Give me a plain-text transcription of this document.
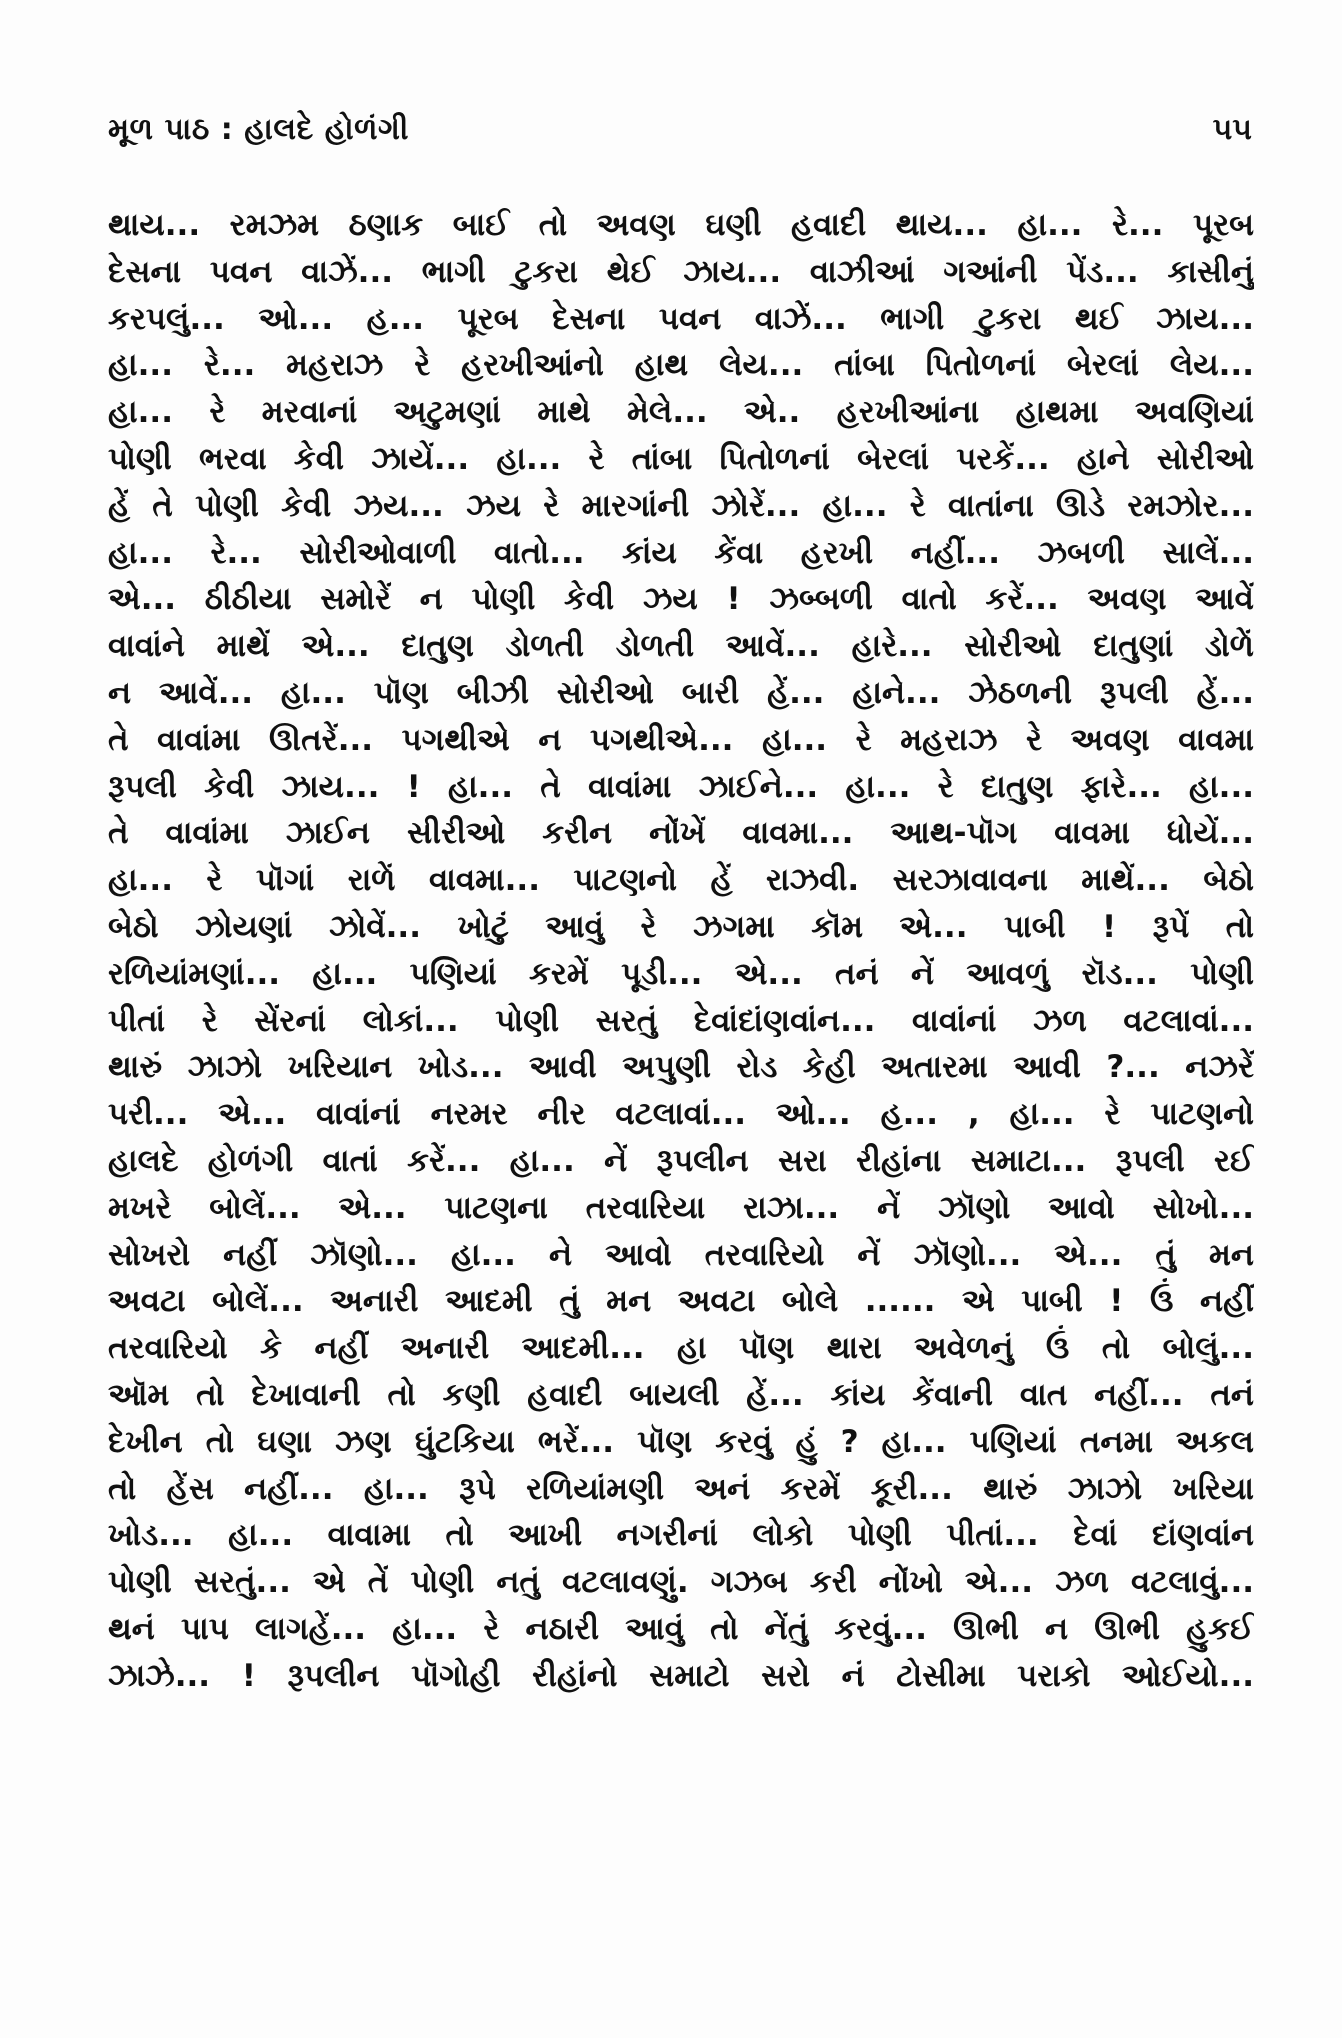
મૂળ પાઠ : હાલદે હોળંગી	૫૫
થાય... રમઝમ ઠણાક બાઈ તો અવણ ઘણી હવાદી થાય... હા... રે... પૂરબ
દેસના પવન વાઝેં... ભાગી ટુકરા થેઈ ઝાય... વાઝીઆં ગઆંની પેંડ... કાસીનું
કરપલું... ઓ... હ... પૂરબ દેસના પવન વાઝેં... ભાગી ટુકરા થઈ ઝાય...
હા... રે... મહરાઝ રે હરખીઆંનો હાથ લેય... તાંબા પિતોળનાં બેરલાં લેય...
હા... રે મરવાનાં અટુમણાં માથે મેલે... એ.. હરખીઆંના હાથમા અવણિયાં
પોણી ભરવા કેવી ઝાયેં... હા... રે તાંબા પિતોળનાં બેરલાં પરકેં... હાને સોરીઓ
હેં તે પોણી કેવી ઝય... ઝય રે મારગાંની ઝોરેં... હા... રે વાતાંના ઊડે રમઝોર...
હા... રે... સોરીઓવાળી વાતો... કાંય કેંવા હરખી નહીં... ઝબળી સાલેં...
એ... ઠીઠીયા સમોરેં ન પોણી કેવી ઝય ! ઝબ્બળી વાતો કરેં... અવણ આવેં
વાવાંને માથેં એ... દાતુણ ડોળતી ડોળતી આવેં... હારે... સોરીઓ દાતુણાં ડોળેં
ન આવેં... હા... પૉણ બીઝી સોરીઓ બારી હેં... હાને... ઝેઠળની રૂપલી હેં...
તે વાવાંમા ઊતરેં... પગથીએ ન પગથીએ... હા... રે મહરાઝ રે અવણ વાવમા
રૂપલી કેવી ઝાય... ! હા... તે વાવાંમા ઝાઈને... હા... રે દાતુણ ફારે... હા...
તે વાવાંમા ઝાઈન સીરીઓ કરીન નોંખેં વાવમા... આથ-પૉગ વાવમા ધોયેં...
હા... રે પૉગાં રાળેં વાવમા... પાટણનો હેં રાઝવી. સરઝાવાવના માથેં... બેઠો
બેઠો ઝોયણાં ઝોવેં... ખોટું આવું રે ઝગમા કૉમ એ... પાબી ! રૂપેં તો
રળિયાંમણાં... હા... પણિયાં કરમેં પૂડી... એ... તનં નેં આવળું રૉડ... પોણી
પીતાં રે સેંરનાં લોકાં... પોણી સરતું દેવાંદાંણવાંન... વાવાંનાં ઝળ વટલાવાં...
થારું ઝાઝો ખરિયાન ખોડ... આવી અપુણી રોડ કેહી અતારમા આવી ?... નઝરેં
પરી... એ... વાવાંનાં નરમર નીર વટલાવાં... ઓ... હ... , હા... રે પાટણનો
હાલદે હોળંગી વાતાં કરેં... હા... નેં રૂપલીન સરા રીહાંના સમાટા... રૂપલી રઈ
મખરે બોલેં... એ... પાટણના તરવારિયા રાઝા... નેં ઝૉણો આવો સોખો...
સોખરો નહીં ઝૉણો... હા... ને આવો તરવારિયો નેં ઝૉણો... એ... તું મન
અવટા બોલેં... અનારી આદમી તું મન અવટા બોલે ...... એ પાબી ! ઉં નહીં
તરવારિયો કે નહીં અનારી આદમી... હા પૉણ થારા અવેળનું ઉં તો બોલું...
ઑમ તો દેખાવાની તો કણી હવાદી બાયલી હેં... કાંય કેંવાની વાત નહીં... તનં
દેખીન તો ઘણા ઝણ ઘુંટકિયા ભરેં... પૉણ કરવું હું ? હા... પણિયાં તનમા અકલ
તો હેંસ નહીં... હા... રૂપે રળિયાંમણી અનં કરમેં કૂરી... થારું ઝાઝો ખરિયા
ખોડ... હા... વાવામા તો આખી નગરીનાં લોકો પોણી પીતાં... દેવાં દાંણવાંન
પોણી સરતું... એ તેં પોણી નતું વટલાવણું. ગઝબ કરી નોંખો એ... ઝળ વટલાવું...
થનં પાપ લાગહેં... હા... રે નઠારી આવું તો નેંતું કરવું... ઊભી ન ઊભી હુકઈ
ઝાઝે... ! રૂપલીન પૉગોહી રીહાંનો સમાટો સરો નં ટોસીમા પરાકો ઓઈયો...
